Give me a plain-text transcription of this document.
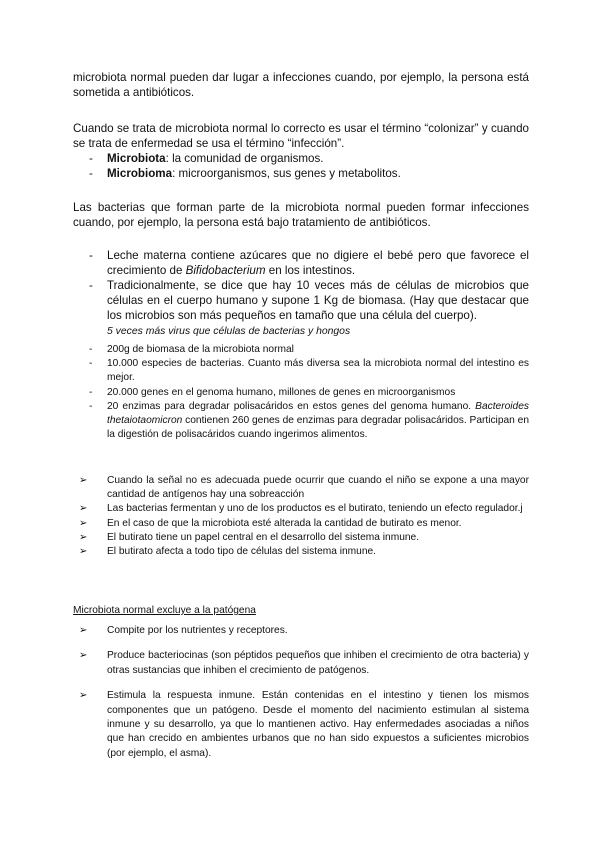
microbiota normal pueden dar lugar a infecciones cuando, por ejemplo, la persona está sometida a antibióticos.

Cuando se trata de microbiota normal lo correcto es usar el término “colonizar” y cuando se trata de enfermedad se usa el término “infección”.

- Microbiota: la comunidad de organismos.
- Microbioma: microorganismos, sus genes y metabolitos.

Las bacterias que forman parte de la microbiota normal pueden formar infecciones cuando, por ejemplo, la persona está bajo tratamiento de antibióticos.

- Leche materna contiene azúcares que no digiere el bebé pero que favorece el crecimiento de Bifidobacterium en los intestinos.
- Tradicionalmente, se dice que hay 10 veces más de células de microbios que células en el cuerpo humano y supone 1 Kg de biomasa. (Hay que destacar que los microbios son más pequeños en tamaño que una célula del cuerpo).
5 veces más virus que células de bacterias y hongos
- 200g de biomasa de la microbiota normal
- 10.000 especies de bacterias. Cuanto más diversa sea la microbiota normal del intestino es mejor.
- 20.000 genes en el genoma humano, millones de genes en microorganismos
- 20 enzimas para degradar polisacáridos en estos genes del genoma humano. Bacteroides thetaiotaomicron contienen 260 genes de enzimas para degradar polisacáridos. Participan en la digestión de polisacáridos cuando ingerimos alimentos.
➢ Cuando la señal no es adecuada puede ocurrir que cuando el niño se expone a una mayor cantidad de antígenos hay una sobreacción
➢ Las bacterias fermentan y uno de los productos es el butirato, teniendo un efecto regulador.j
➢ En el caso de que la microbiota esté alterada la cantidad de butirato es menor.
➢ El butirato tiene un papel central en el desarrollo del sistema inmune.
➢ El butirato afecta a todo tipo de células del sistema inmune.

Microbiota normal excluye a la patógena

➢ Compite por los nutrientes y receptores.
➢ Produce bacteriocinas (son péptidos pequeños que inhiben el crecimiento de otra bacteria) y otras sustancias que inhiben el crecimiento de patógenos.
➢ Estimula la respuesta inmune. Están contenidas en el intestino y tienen los mismos componentes que un patógeno. Desde el momento del nacimiento estimulan al sistema inmune y su desarrollo, ya que lo mantienen activo. Hay enfermedades asociadas a niños que han crecido en ambientes urbanos que no han sido expuestos a suficientes microbios (por ejemplo, el asma).
